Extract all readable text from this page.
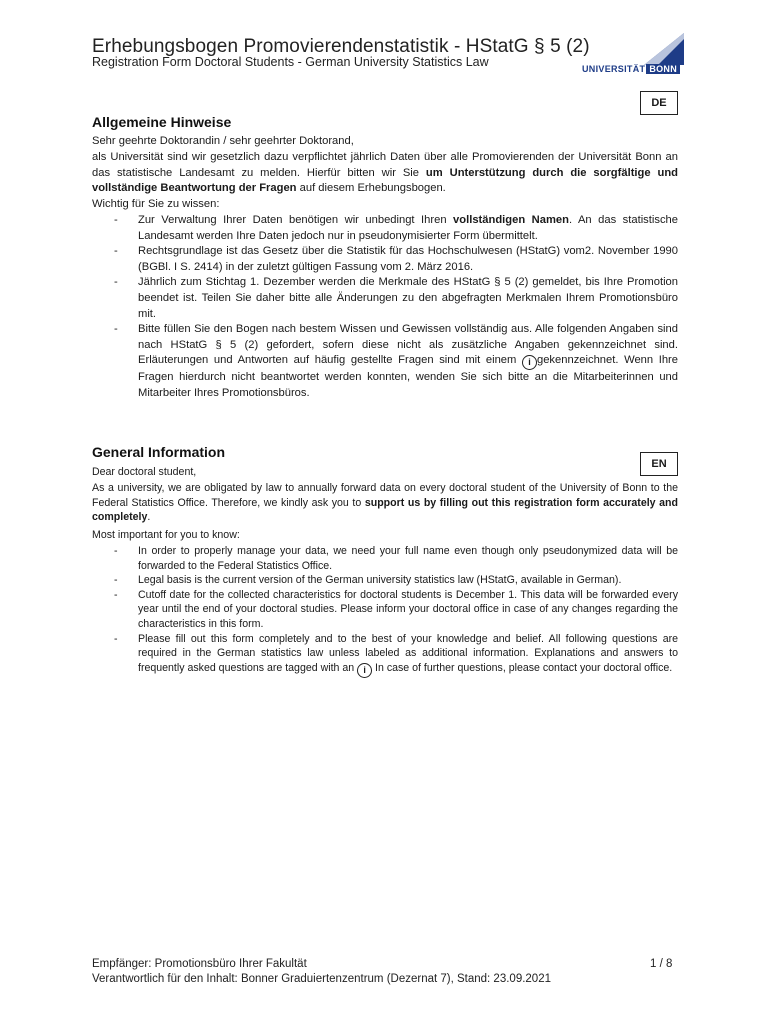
Erhebungsbogen Promovierendenstatistik - HStatG § 5 (2)
Registration Form Doctoral Students - German University Statistics Law	UNIVERSITÄT BONN
DE
Allgemeine Hinweise
Sehr geehrte Doktorandin / sehr geehrter Doktorand,
als Universität sind wir gesetzlich dazu verpflichtet jährlich Daten über alle Promovierenden der Universität Bonn an das statistische Landesamt zu melden. Hierfür bitten wir Sie um Unterstützung durch die sorgfältige und vollständige Beantwortung der Fragen auf diesem Erhebungsbogen.
Wichtig für Sie zu wissen:
- Zur Verwaltung Ihrer Daten benötigen wir unbedingt Ihren vollständigen Namen. An das statistische Landesamt werden Ihre Daten jedoch nur in pseudonymisierter Form übermittelt.
- Rechtsgrundlage ist das Gesetz über die Statistik für das Hochschulwesen (HStatG) vom2. November 1990 (BGBl. I S. 2414) in der zuletzt gültigen Fassung vom 2. März 2016.
- Jährlich zum Stichtag 1. Dezember werden die Merkmale des HStatG § 5 (2) gemeldet, bis Ihre Promotion beendet ist. Teilen Sie daher bitte alle Änderungen zu den abgefragten Merkmalen Ihrem Promotionsbüro mit.
- Bitte füllen Sie den Bogen nach bestem Wissen und Gewissen vollständig aus. Alle folgenden Angaben sind nach HStatG § 5 (2) gefordert, sofern diese nicht als zusätzliche Angaben gekennzeichnet sind. Erläuterungen und Antworten auf häufig gestellte Fragen sind mit einem i gekennzeichnet. Wenn Ihre Fragen hierdurch nicht beantwortet werden konnten, wenden Sie sich bitte an die Mitarbeiterinnen und Mitarbeiter Ihres Promotionsbüros.
General Information
EN
Dear doctoral student,
As a university, we are obligated by law to annually forward data on every doctoral student of the University of Bonn to the Federal Statistics Office. Therefore, we kindly ask you to support us by filling out this registration form accurately and completely.
Most important for you to know:
- In order to properly manage your data, we need your full name even though only pseudonymized data will be forwarded to the Federal Statistics Office.
- Legal basis is the current version of the German university statistics law (HStatG, available in German).
- Cutoff date for the collected characteristics for doctoral students is December 1. This data will be forwarded every year until the end of your doctoral studies. Please inform your doctoral office in case of any changes regarding the characteristics in this form.
- Please fill out this form completely and to the best of your knowledge and belief. All following questions are required in the German statistics law unless labeled as additional information. Explanations and answers to frequently asked questions are tagged with an i In case of further questions, please contact your doctoral office.
Empfänger: Promotionsbüro Ihrer Fakultät
Verantwortlich für den Inhalt: Bonner Graduiertenzentrum (Dezernat 7), Stand: 23.09.2021
1 / 8
